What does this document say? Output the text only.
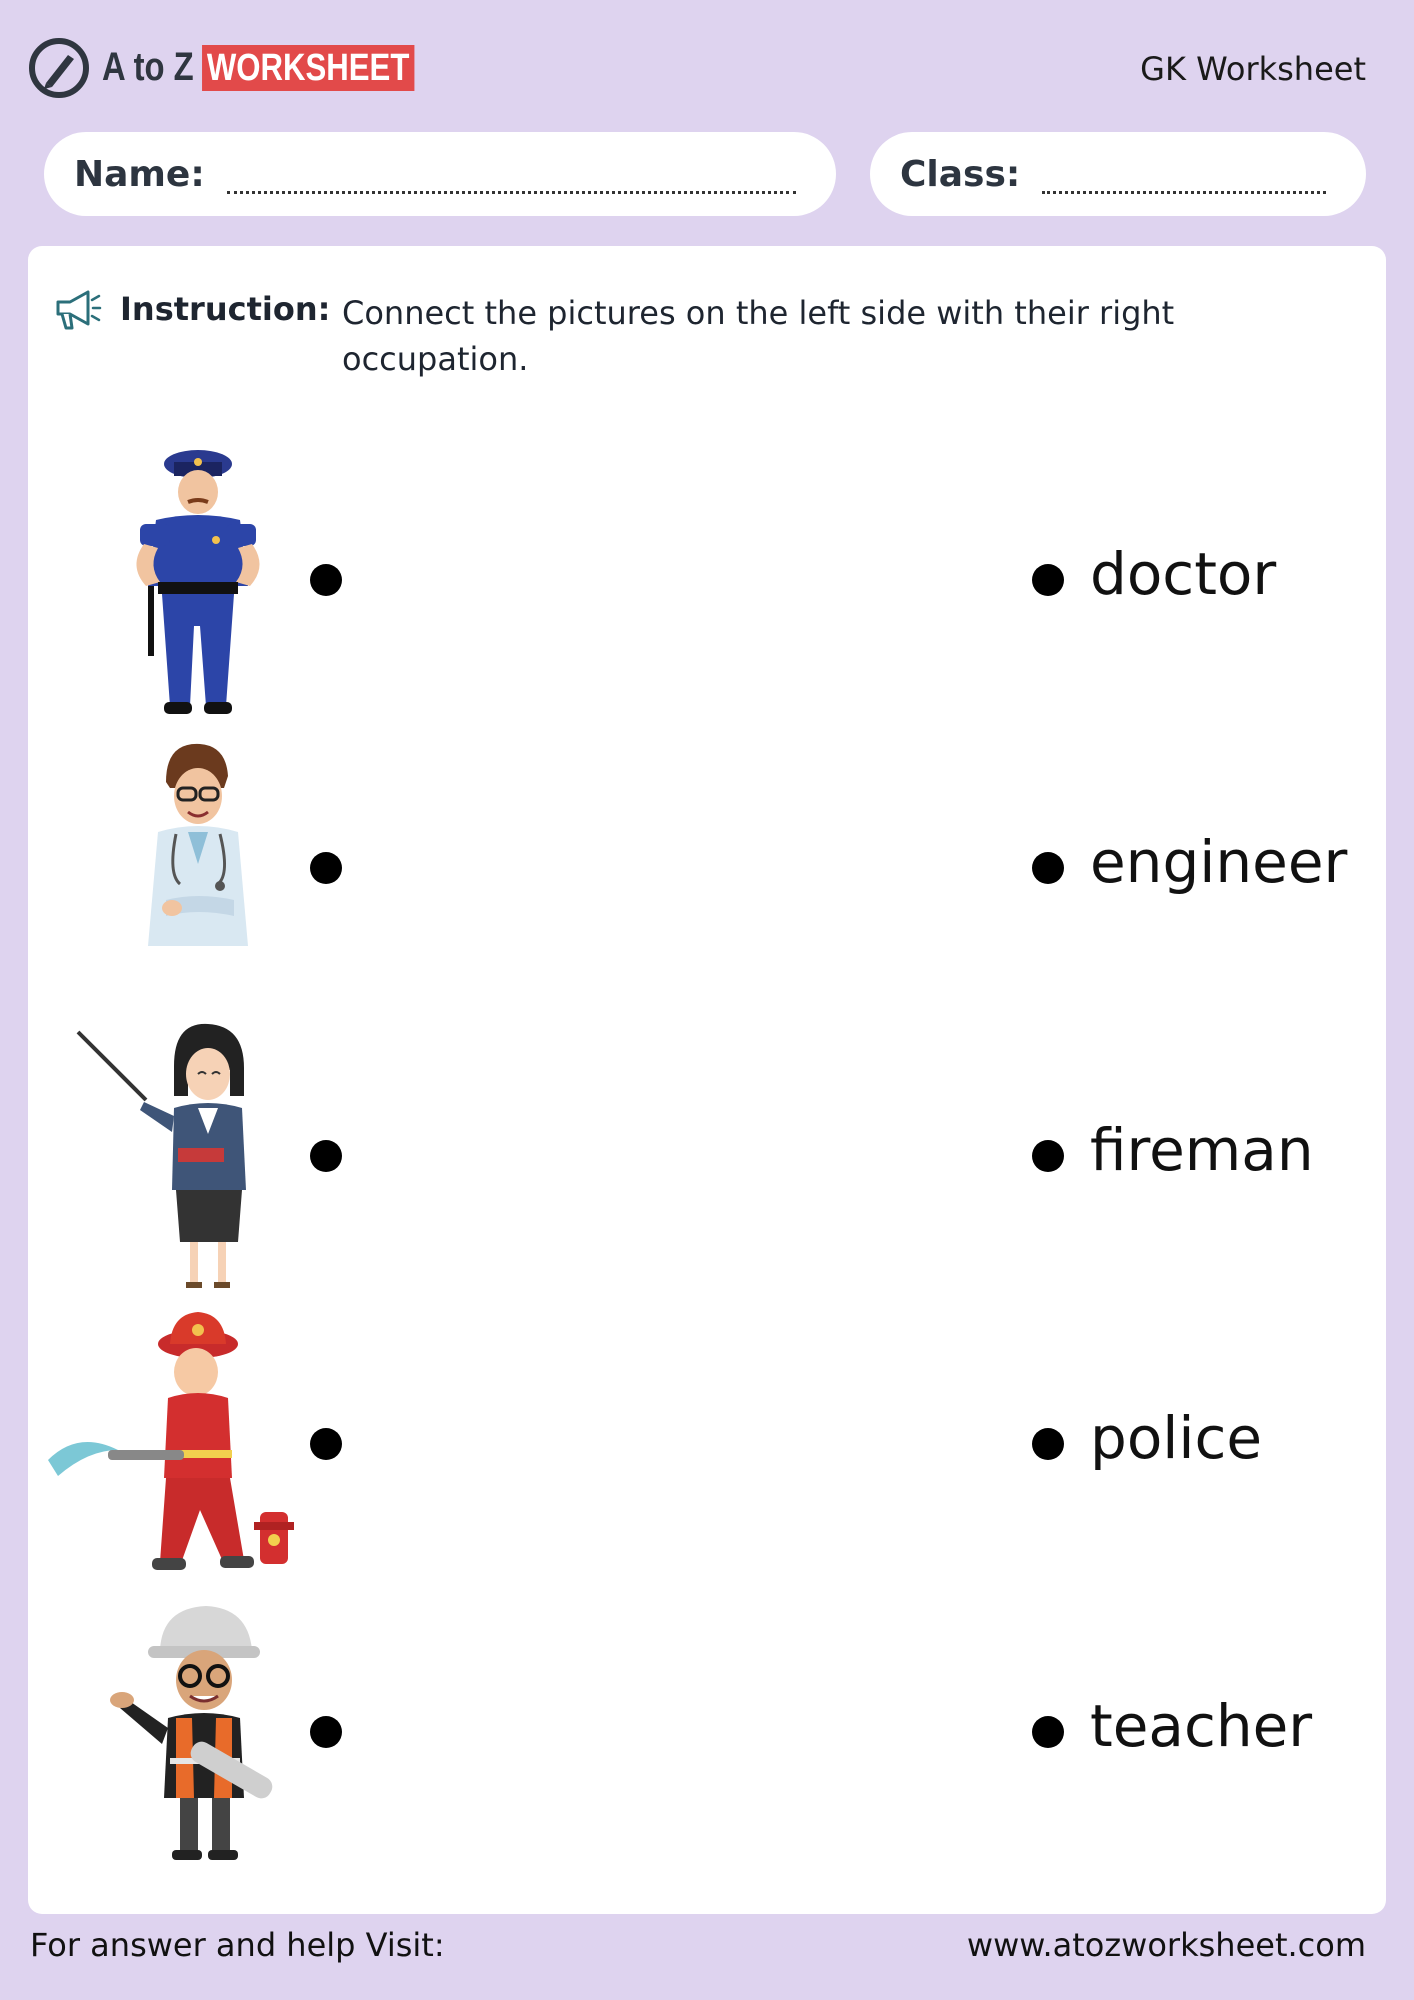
A to Z WORKSHEET	GK Worksheet
Name:	Class:
Instruction: Connect the pictures on the left side with their right occupation.
doctor
engineer
fireman
police
teacher
For answer and help Visit:	www.atozworksheet.com
